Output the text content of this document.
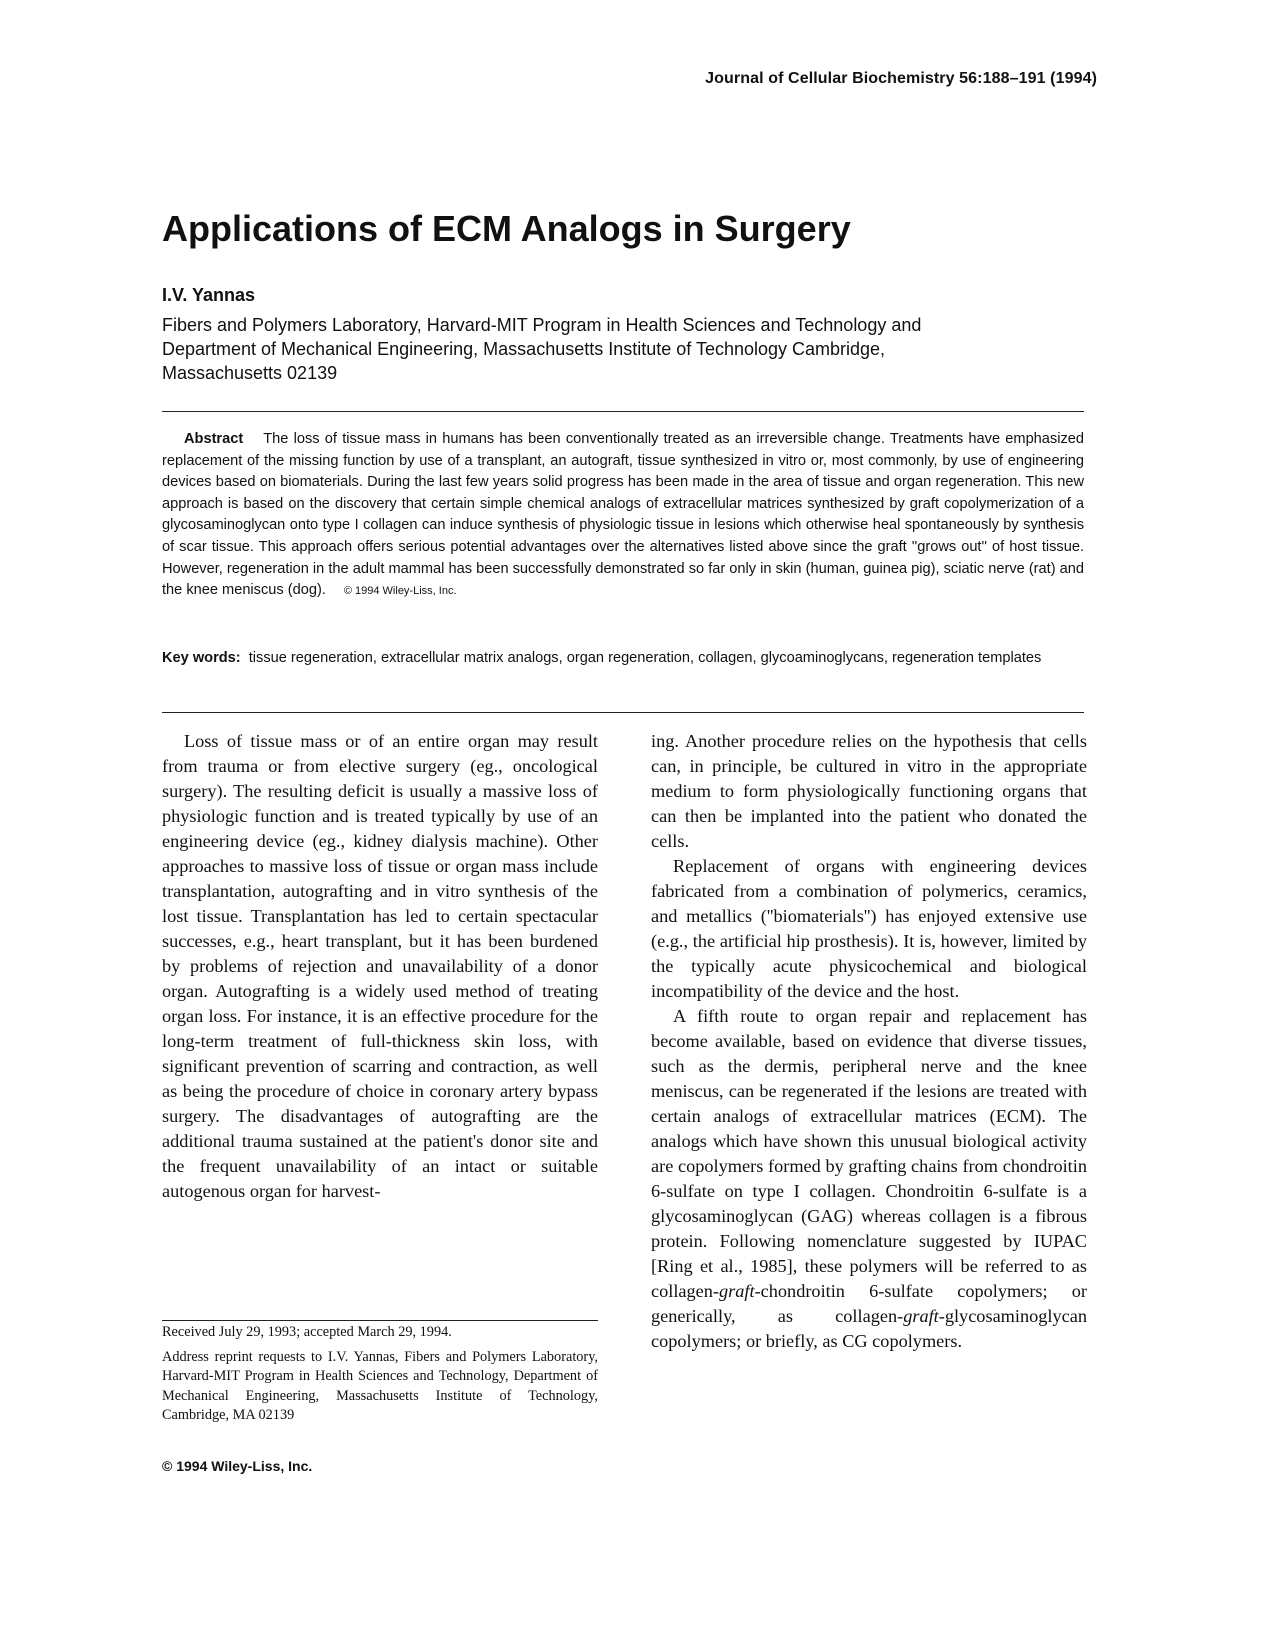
Journal of Cellular Biochemistry 56:188–191 (1994)
Applications of ECM Analogs in Surgery
I.V. Yannas
Fibers and Polymers Laboratory, Harvard-MIT Program in Health Sciences and Technology and
Department of Mechanical Engineering, Massachusetts Institute of Technology Cambridge,
Massachusetts 02139
Abstract The loss of tissue mass in humans has been conventionally treated as an irreversible change. Treatments have emphasized replacement of the missing function by use of a transplant, an autograft, tissue synthesized in vitro or, most commonly, by use of engineering devices based on biomaterials. During the last few years solid progress has been made in the area of tissue and organ regeneration. This new approach is based on the discovery that certain simple chemical analogs of extracellular matrices synthesized by graft copolymerization of a glycosaminoglycan onto type I collagen can induce synthesis of physiologic tissue in lesions which otherwise heal spontaneously by synthesis of scar tissue. This approach offers serious potential advantages over the alternatives listed above since the graft ''grows out'' of host tissue. However, regeneration in the adult mammal has been successfully demonstrated so far only in skin (human, guinea pig), sciatic nerve (rat) and the knee meniscus (dog). © 1994 Wiley-Liss, Inc.
Key words: tissue regeneration, extracellular matrix analogs, organ regeneration, collagen, glycoaminoglycans, regeneration templates

Loss of tissue mass or of an entire organ may result from trauma or from elective surgery (eg., oncological surgery). The resulting deficit is usually a massive loss of physiologic function and is treated typically by use of an engineering device (eg., kidney dialysis machine). Other approaches to massive loss of tissue or organ mass include transplantation, autografting and in vitro synthesis of the lost tissue. Transplantation has led to certain spectacular successes, e.g., heart transplant, but it has been burdened by problems of rejection and unavailability of a donor organ. Autografting is a widely used method of treating organ loss. For instance, it is an effective procedure for the long-term treatment of full-thickness skin loss, with significant prevention of scarring and contraction, as well as being the procedure of choice in coronary artery bypass surgery. The disadvantages of autografting are the additional trauma sustained at the patient's donor site and the frequent unavailability of an intact or suitable autogenous organ for harvest-

ing. Another procedure relies on the hypothesis that cells can, in principle, be cultured in vitro in the appropriate medium to form physiologically functioning organs that can then be implanted into the patient who donated the cells.

Replacement of organs with engineering devices fabricated from a combination of polymerics, ceramics, and metallics (''biomaterials'') has enjoyed extensive use (e.g., the artificial hip prosthesis). It is, however, limited by the typically acute physicochemical and biological incompatibility of the device and the host.

A fifth route to organ repair and replacement has become available, based on evidence that diverse tissues, such as the dermis, peripheral nerve and the knee meniscus, can be regenerated if the lesions are treated with certain analogs of extracellular matrices (ECM). The analogs which have shown this unusual biological activity are copolymers formed by grafting chains from chondroitin 6-sulfate on type I collagen. Chondroitin 6-sulfate is a glycosaminoglycan (GAG) whereas collagen is a fibrous protein. Following nomenclature suggested by IUPAC [Ring et al., 1985], these polymers will be referred to as collagen-graft-chondroitin 6-sulfate copolymers; or generically, as collagen-graft-glycosaminoglycan copolymers; or briefly, as CG copolymers.

Received July 29, 1993; accepted March 29, 1994.

Address reprint requests to I.V. Yannas, Fibers and Polymers Laboratory, Harvard-MIT Program in Health Sciences and Technology, Department of Mechanical Engineering, Massachusetts Institute of Technology, Cambridge, MA 02139

© 1994 Wiley-Liss, Inc.
